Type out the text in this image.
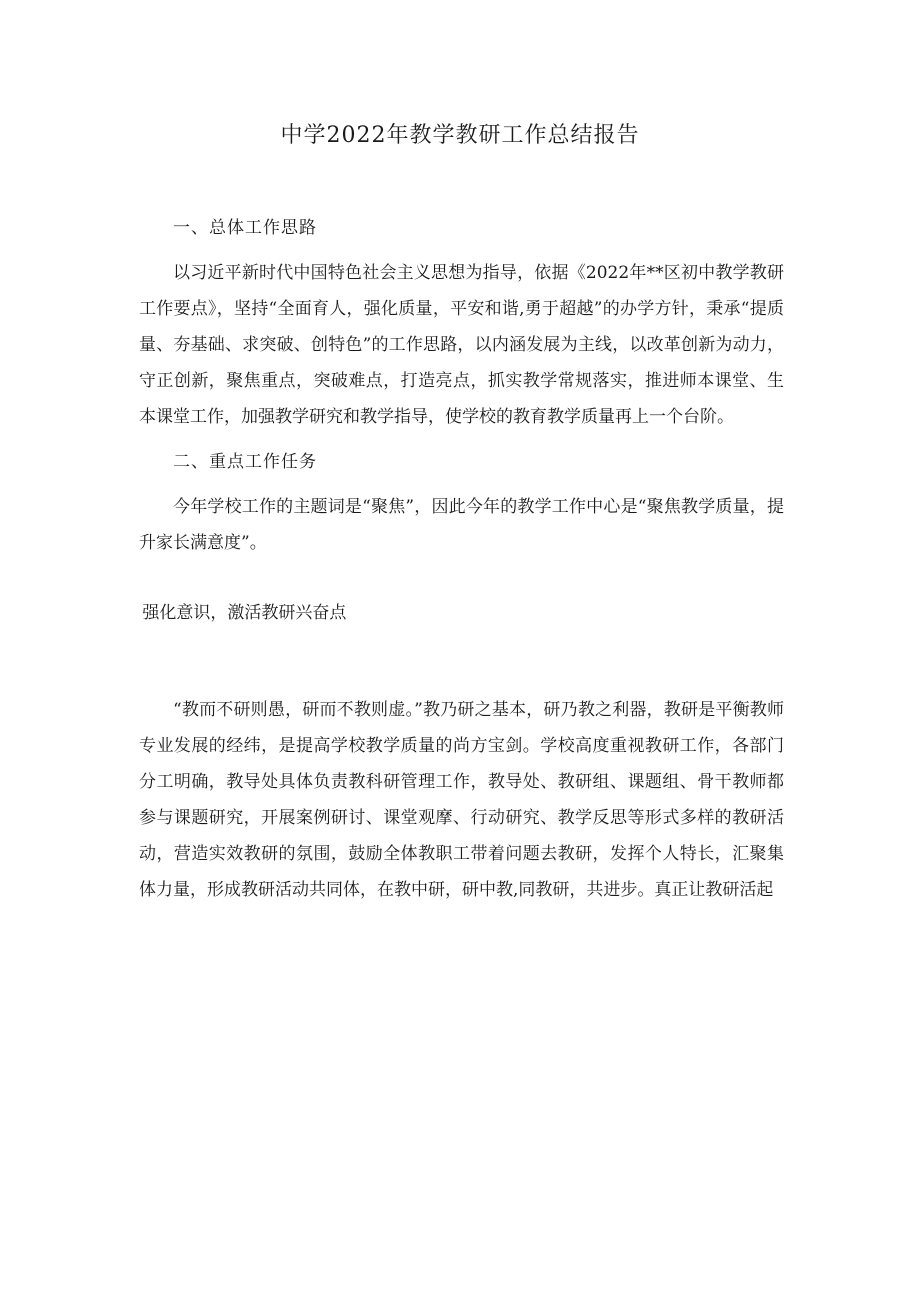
中学2022年教学教研工作总结报告

一、总体工作思路

以习近平新时代中国特色社会主义思想为指导，依据《2022年**区初中教学教研工作要点》，坚持“全面育人，强化质量，平安和谐,勇于超越”的办学方针，秉承“提质量、夯基础、求突破、创特色”的工作思路，以内涵发展为主线，以改革创新为动力，守正创新，聚焦重点，突破难点，打造亮点，抓实教学常规落实，推进师本课堂、生本课堂工作，加强教学研究和教学指导，使学校的教育教学质量再上一个台阶。

二、重点工作任务

今年学校工作的主题词是“聚焦”，因此今年的教学工作中心是“聚焦教学质量，提升家长满意度”。

强化意识，激活教研兴奋点

“教而不研则愚，研而不教则虚。”教乃研之基本，研乃教之利器，教研是平衡教师专业发展的经纬，是提高学校教学质量的尚方宝剑。学校高度重视教研工作，各部门分工明确，教导处具体负责教科研管理工作，教导处、教研组、课题组、骨干教师都参与课题研究，开展案例研讨、课堂观摩、行动研究、教学反思等形式多样的教研活动，营造实效教研的氛围，鼓励全体教职工带着问题去教研，发挥个人特长，汇聚集体力量，形成教研活动共同体，在教中研，研中教,同教研，共进步。真正让教研活起
